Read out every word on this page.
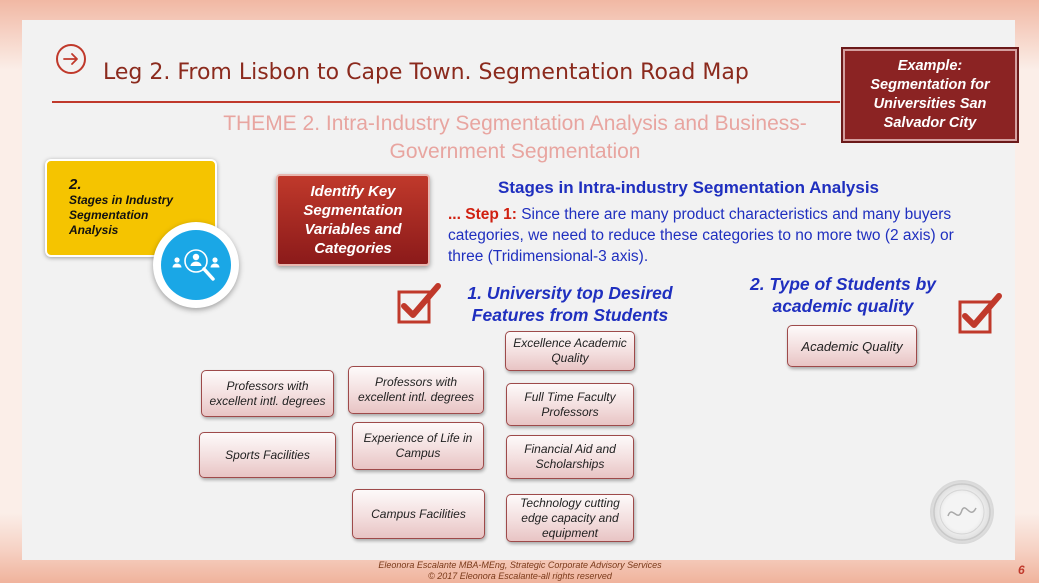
Leg 2. From Lisbon to Cape Town. Segmentation Road Map	Example:
Segmentation for
Universities San
Salvador City
THEME 2. Intra-Industry Segmentation Analysis and Business-Government Segmentation
2.
Stages in Industry
Segmentation
Analysis
Identify Key
Segmentation
Variables and
Categories
Stages in Intra-industry Segmentation Analysis
... Step 1: Since there are many product characteristics and many buyers categories, we need to reduce these categories to no more two (2 axis) or three (Tridimensional-3 axis).
1. University top Desired
Features from Students
2. Type of Students by
academic quality
Professors with excellent intl. degrees
Sports Facilities
Professors with excellent intl. degrees
Experience of Life in Campus
Campus Facilities
Excellence Academic Quality
Full Time Faculty Professors
Financial Aid and Scholarships
Technology cutting edge capacity and equipment
Academic Quality
Eleonora Escalante MBA-MEng, Strategic Corporate Advisory Services
© 2017 Eleonora Escalante-all rights reserved	6
